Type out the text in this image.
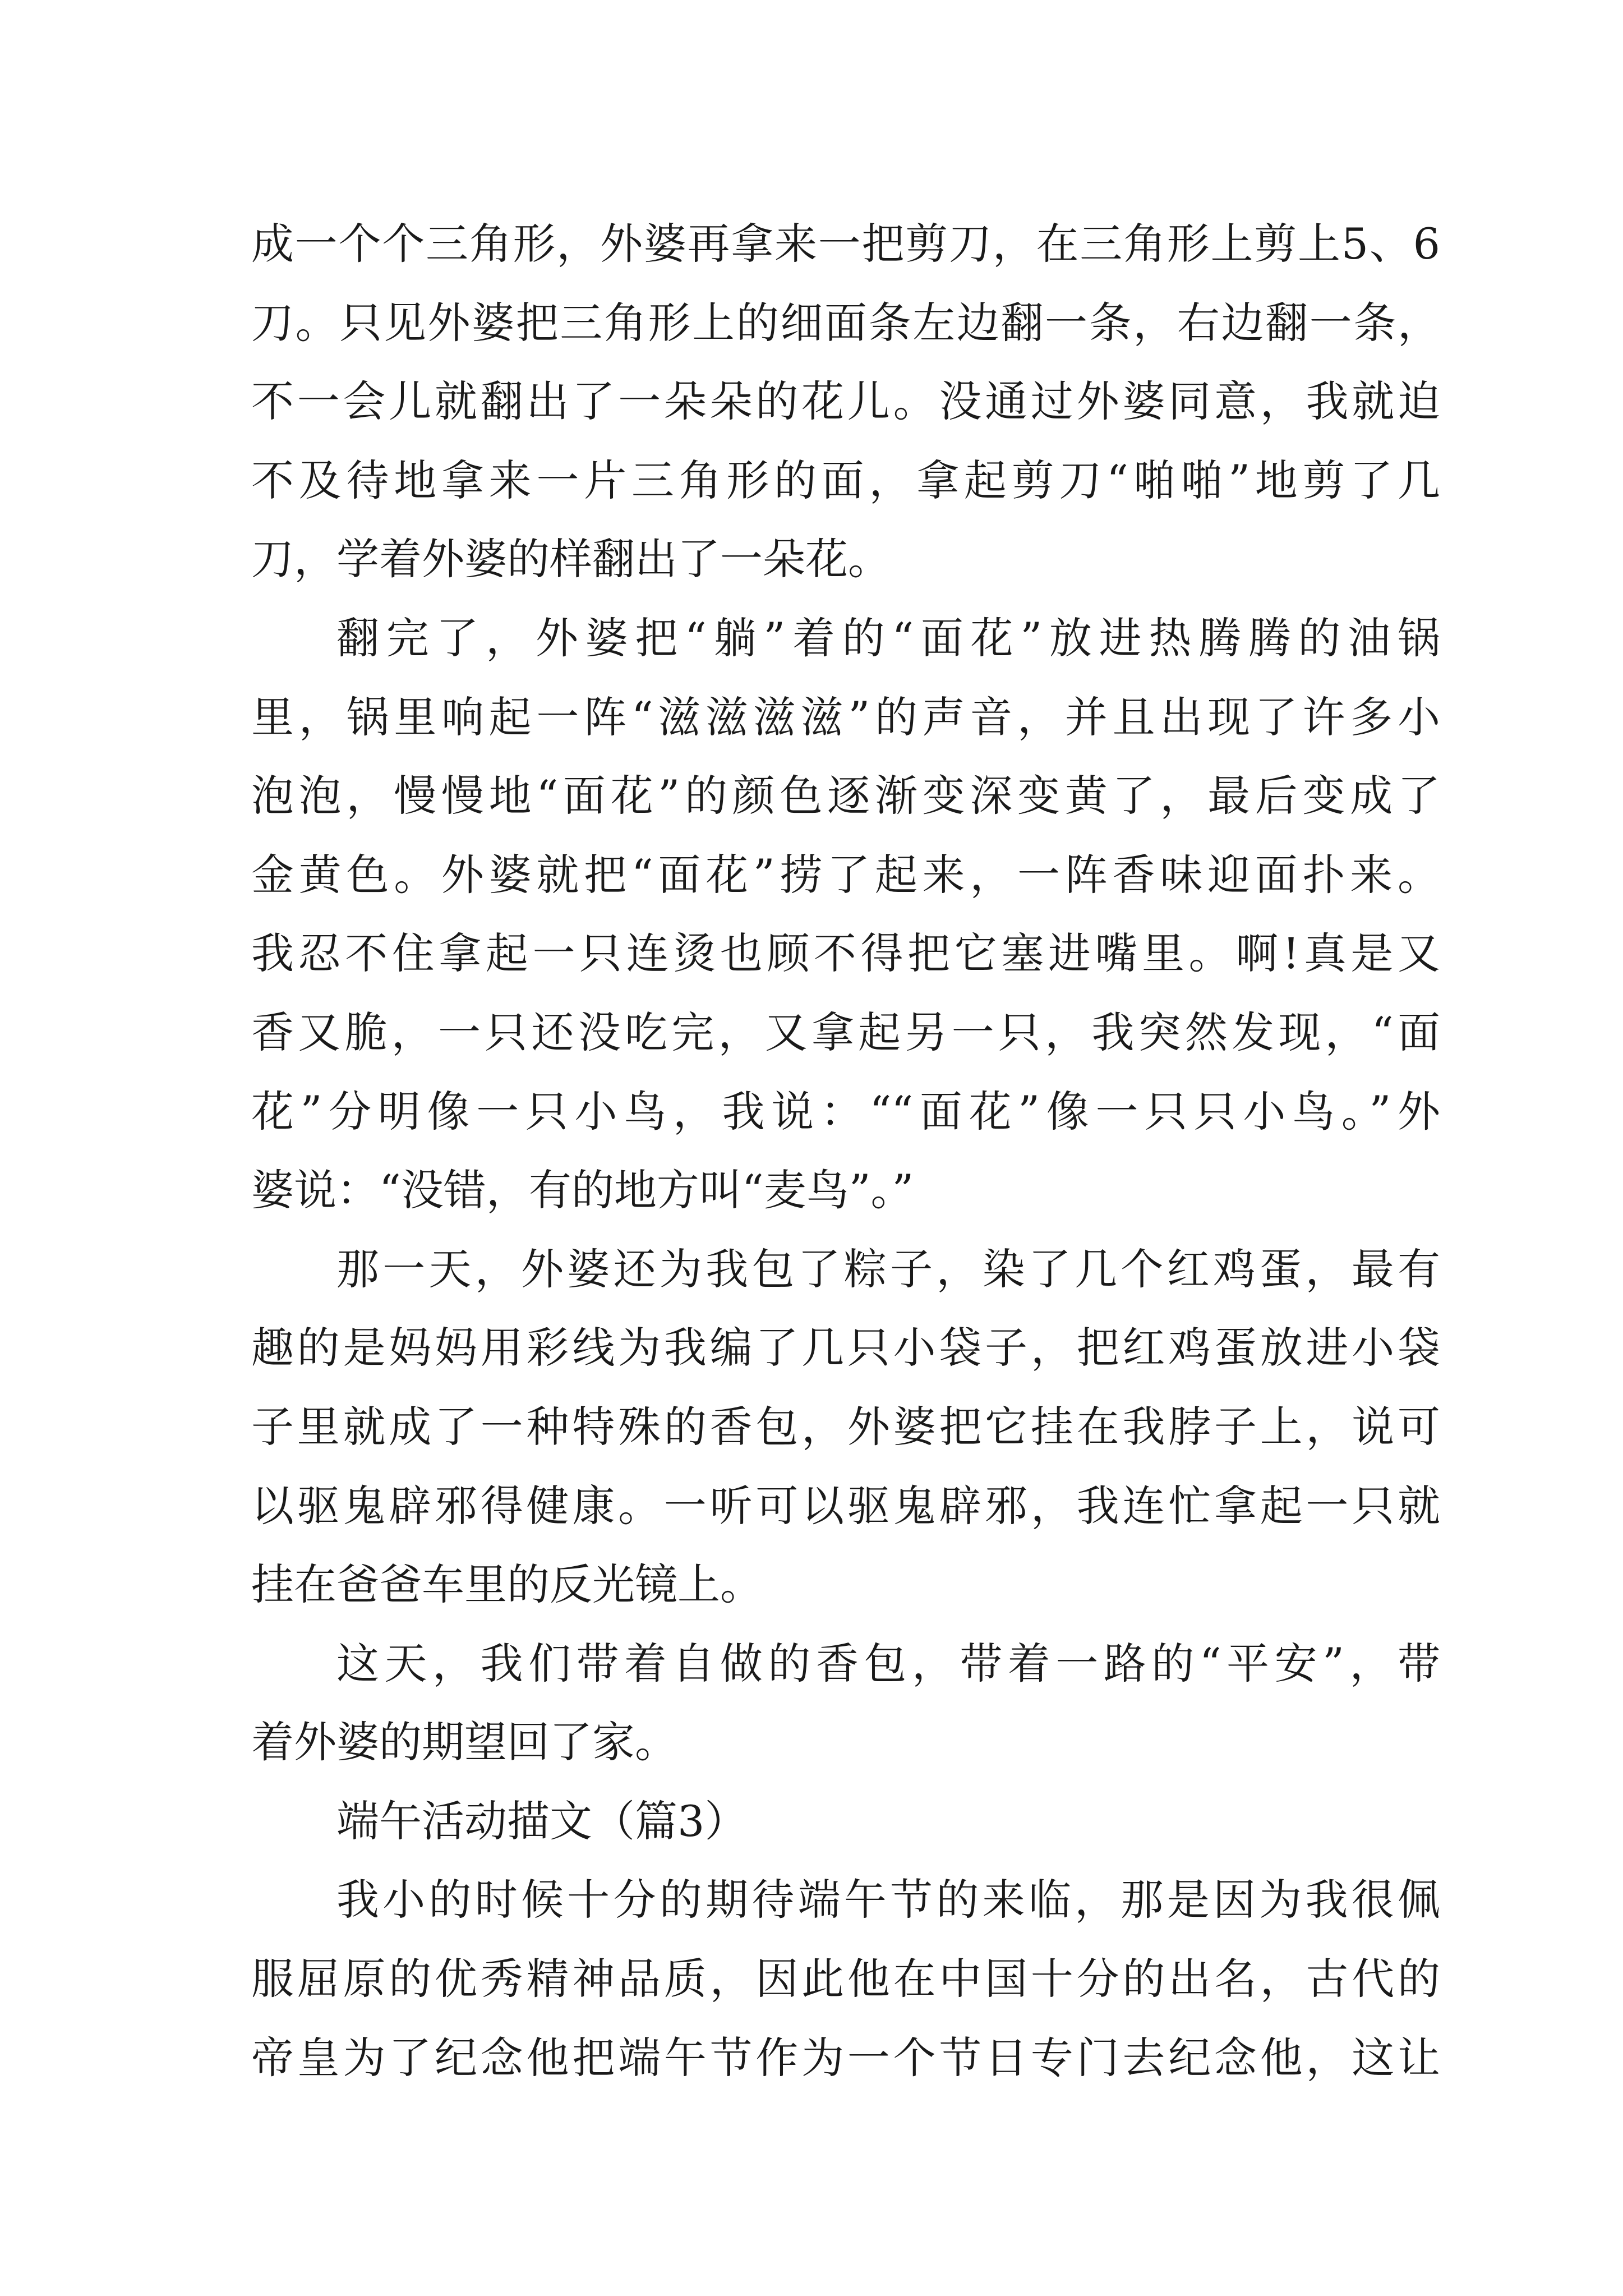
成一个个三角形，外婆再拿来一把剪刀，在三角形上剪上5、6
刀。只见外婆把三角形上的细面条左边翻一条，右边翻一条，
不一会儿就翻出了一朵朵的花儿。没通过外婆同意，我就迫
不及待地拿来一片三角形的面，拿起剪刀“啪啪”地剪了几
刀，学着外婆的样翻出了一朵花。
翻完了，外婆把“躺”着的“面花”放进热腾腾的油锅
里，锅里响起一阵“滋滋滋滋”的声音，并且出现了许多小
泡泡，慢慢地“面花”的颜色逐渐变深变黄了，最后变成了
金黄色。外婆就把“面花”捞了起来，一阵香味迎面扑来。
我忍不住拿起一只连烫也顾不得把它塞进嘴里。啊!真是又
香又脆，一只还没吃完，又拿起另一只，我突然发现，“面
花”分明像一只小鸟，我说：““面花”像一只只小鸟。”外
婆说：“没错，有的地方叫“麦鸟”。”
那一天，外婆还为我包了粽子，染了几个红鸡蛋，最有
趣的是妈妈用彩线为我编了几只小袋子，把红鸡蛋放进小袋
子里就成了一种特殊的香包，外婆把它挂在我脖子上，说可
以驱鬼辟邪得健康。一听可以驱鬼辟邪，我连忙拿起一只就
挂在爸爸车里的反光镜上。
这天，我们带着自做的香包，带着一路的“平安”，带
着外婆的期望回了家。
端午活动描文（篇3）
我小的时候十分的期待端午节的来临，那是因为我很佩
服屈原的优秀精神品质，因此他在中国十分的出名，古代的
帝皇为了纪念他把端午节作为一个节日专门去纪念他，这让
